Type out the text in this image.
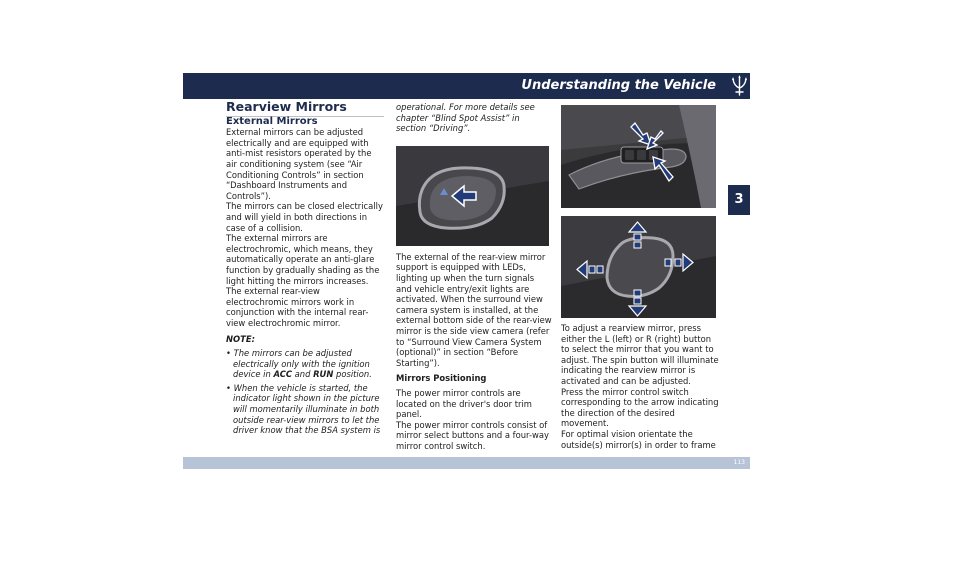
Understanding the Vehicle
3

Rearview Mirrors

External Mirrors

External mirrors can be adjusted electrically and are equipped with anti-mist resistors operated by the air conditioning system (see “Air Conditioning Controls” in section “Dashboard Instruments and Controls”).

The mirrors can be closed electrically and will yield in both directions in case of a collision.

The external mirrors are electrochromic, which means, they automatically operate an anti-glare function by gradually shading as the light hitting the mirrors increases.

The external rear-view electrochromic mirrors work in conjunction with the internal rear-view electrochromic mirror.

NOTE:

• The mirrors can be adjusted electrically only with the ignition device in ACC and RUN position.

• When the vehicle is started, the indicator light shown in the picture will momentarily illuminate in both outside rear-view mirrors to let the driver know that the BSA system is

operational. For more details see chapter “Blind Spot Assist” in section “Driving”.

The external of the rear-view mirror support is equipped with LEDs, lighting up when the turn signals and vehicle entry/exit lights are activated. When the surround view camera system is installed, at the external bottom side of the rear-view mirror is the side view camera (refer to “Surround View Camera System (optional)” in section “Before Starting”).

Mirrors Positioning

The power mirror controls are located on the driver's door trim panel.

The power mirror controls consist of mirror select buttons and a four-way mirror control switch.

To adjust a rearview mirror, press either the L (left) or R (right) button to select the mirror that you want to adjust. The spin button will illuminate indicating the rearview mirror is activated and can be adjusted.

Press the mirror control switch corresponding to the arrow indicating the direction of the desired movement.

For optimal vision orientate the outside(s) mirror(s) in order to frame

113
